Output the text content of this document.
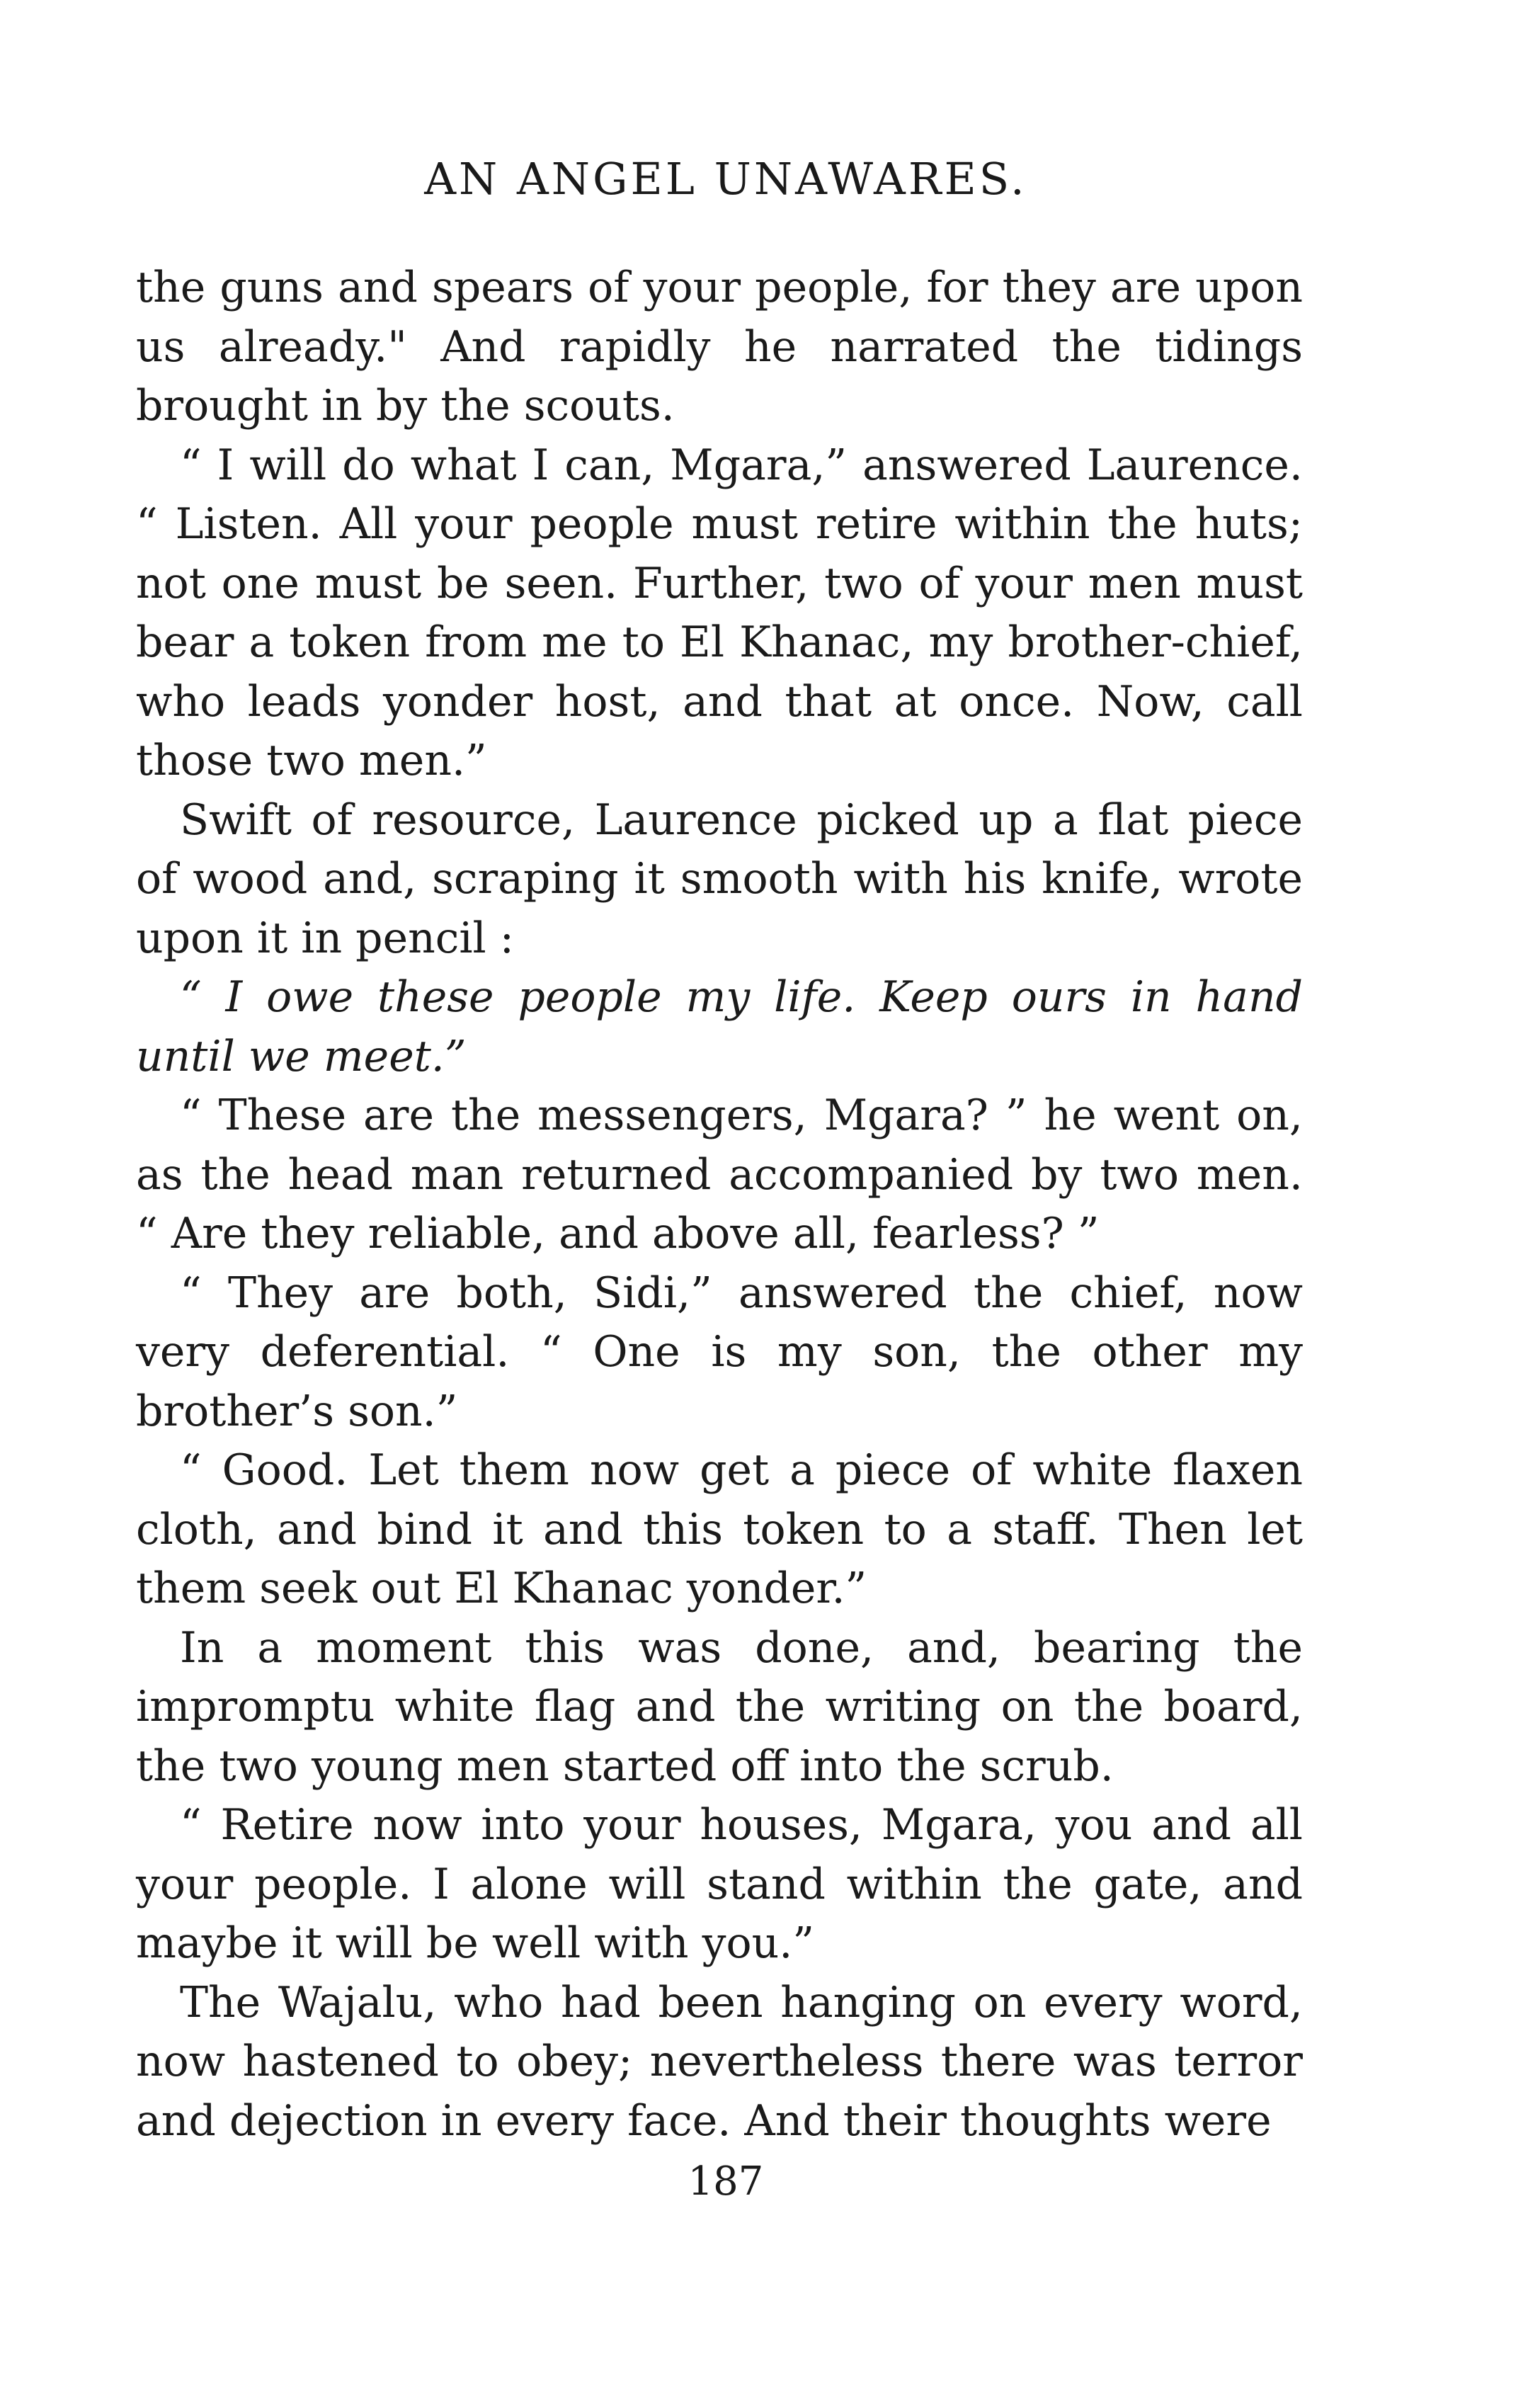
AN ANGEL UNAWARES.

the guns and spears of your people, for they are upon us already." And rapidly he narrated the tidings brought in by the scouts.

“ I will do what I can, Mgara,” answered Laurence. “ Listen. All your people must retire within the huts; not one must be seen. Further, two of your men must bear a token from me to El Khanac, my brother-chief, who leads yonder host, and that at once. Now, call those two men.”

Swift of resource, Laurence picked up a flat piece of wood and, scraping it smooth with his knife, wrote upon it in pencil :

“ I owe these people my life. Keep ours in hand until we meet.”

“ These are the messengers, Mgara? ” he went on, as the head man returned accompanied by two men. “ Are they reliable, and above all, fearless? ”

“ They are both, Sidi,” answered the chief, now very deferential. “ One is my son, the other my brother’s son.”

“ Good. Let them now get a piece of white flaxen cloth, and bind it and this token to a staff. Then let them seek out El Khanac yonder.”

In a moment this was done, and, bearing the impromptu white flag and the writing on the board, the two young men started off into the scrub.

“ Retire now into your houses, Mgara, you and all your people. I alone will stand within the gate, and maybe it will be well with you.”

The Wajalu, who had been hanging on every word, now hastened to obey; nevertheless there was terror and dejection in every face. And their thoughts were

187
